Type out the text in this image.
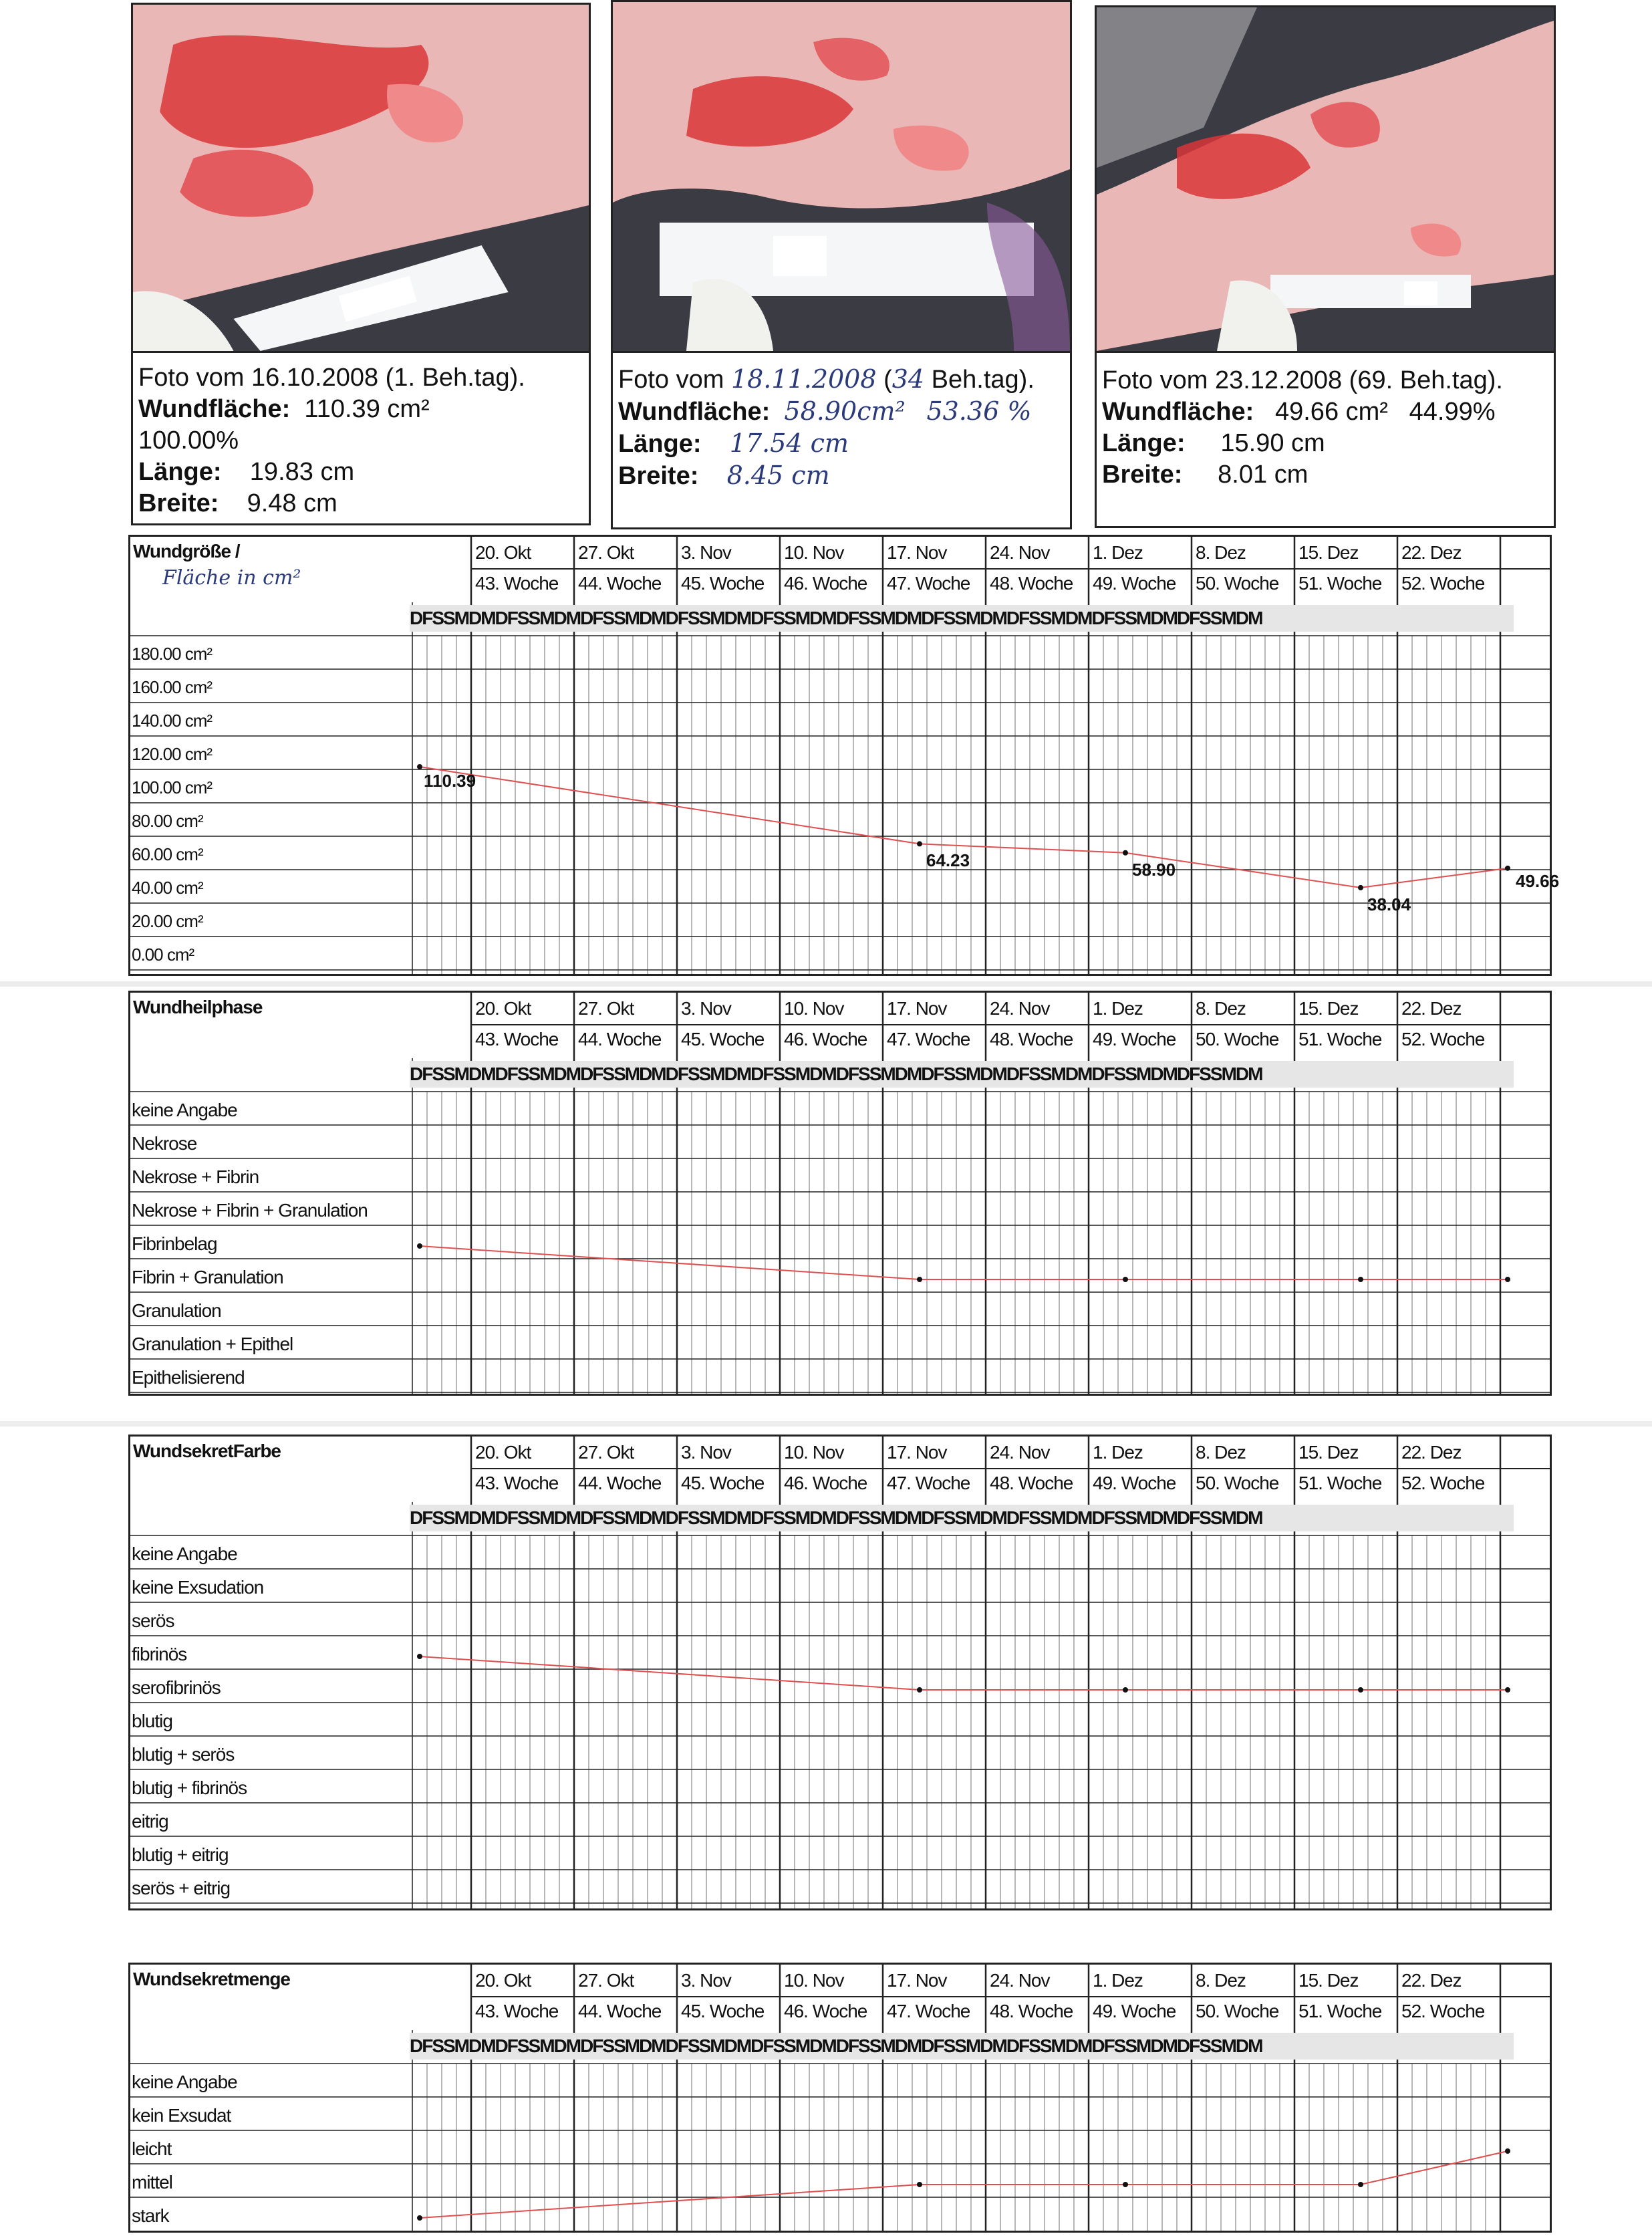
Foto vom 16.10.2008 (1. Beh.tag).
Wundfläche: 110.39 cm²
100.00%
Länge: 19.83 cm
Breite: 9.48 cm
Foto vom 18.11.2008 (34 Beh.tag).
Wundfläche: 58.90cm² 53.36 %
Länge: 17.54 cm
Breite: 8.45 cm

Foto vom 23.12.2008 (69. Beh.tag).
Wundfläche: 49.66 cm² 44.99%
Länge: 15.90 cm
Breite: 8.01 cm

20. Okt	27. Okt	3. Nov	10. Nov 17. Nov 24. Nov 1. Dez	8. Dez	15. Dez 22. Dez
43. Woche 44. Woche 45. Woche 46. Woche 47. Woche 48. Woche 49. Woche 50. Woche 51. Woche 52. Woche
DFSSMDMDFSSMDMDFSSMDMDFSSMDMDFSSMDMDFSSMDMDFSSMDMDFSSMDMDFSSMDMDFSSMDM
Wundgröße /
180.00 cm²
160.00 cm²
140.00 cm²
120.00 cm²
100.00 cm²
80.00 cm²
60.00 cm²
40.00 cm²
20.00 cm²
0.00 cm²
Fläche in cm²
110.39
64.23	58.90
38.04
49.66
20. Okt	27. Okt	3. Nov	10. Nov 17. Nov 24. Nov 1. Dez	8. Dez	15. Dez 22. Dez
43. Woche 44. Woche 45. Woche 46. Woche 47. Woche 48. Woche 49. Woche 50. Woche 51. Woche 52. Woche
DFSSMDMDFSSMDMDFSSMDMDFSSMDMDFSSMDMDFSSMDMDFSSMDMDFSSMDMDFSSMDMDFSSMDM
Wundheilphase
keine Angabe
Nekrose
Nekrose + Fibrin
Nekrose + Fibrin + Granulation
Fibrinbelag
Fibrin + Granulation
Granulation
Granulation + Epithel
Epithelisierend
20. Okt	27. Okt	3. Nov	10. Nov 17. Nov 24. Nov 1. Dez	8. Dez	15. Dez 22. Dez
43. Woche 44. Woche 45. Woche 46. Woche 47. Woche 48. Woche 49. Woche 50. Woche 51. Woche 52. Woche
DFSSMDMDFSSMDMDFSSMDMDFSSMDMDFSSMDMDFSSMDMDFSSMDMDFSSMDMDFSSMDMDFSSMDM
WundsekretFarbe
keine Angabe
keine Exsudation
serös
fibrinös
serofibrinös
blutig
blutig + serös
blutig + fibrinös
eitrig
blutig + eitrig
serös + eitrig
20. Okt	27. Okt	3. Nov	10. Nov 17. Nov 24. Nov 1. Dez	8. Dez	15. Dez 22. Dez
43. Woche 44. Woche 45. Woche 46. Woche 47. Woche 48. Woche 49. Woche 50. Woche 51. Woche 52. Woche
DFSSMDMDFSSMDMDFSSMDMDFSSMDMDFSSMDMDFSSMDMDFSSMDMDFSSMDMDFSSMDMDFSSMDM
Wundsekretmenge
keine Angabe
kein Exsudat
leicht
mittel
stark
